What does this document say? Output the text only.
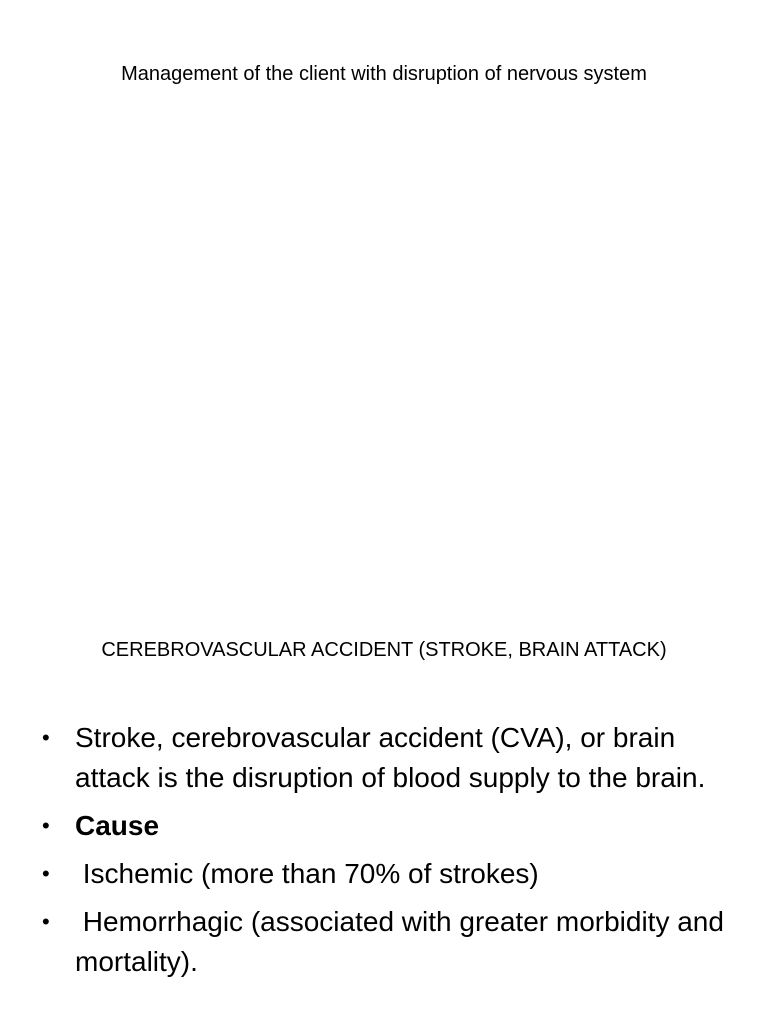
Management of the client with disruption of nervous system
CEREBROVASCULAR ACCIDENT (STROKE, BRAIN ATTACK)
• Stroke, cerebrovascular accident (CVA), or brain attack is the disruption of blood supply to the brain.
• Cause
• Ischemic (more than 70% of strokes)
• Hemorrhagic (associated with greater morbidity and mortality).
